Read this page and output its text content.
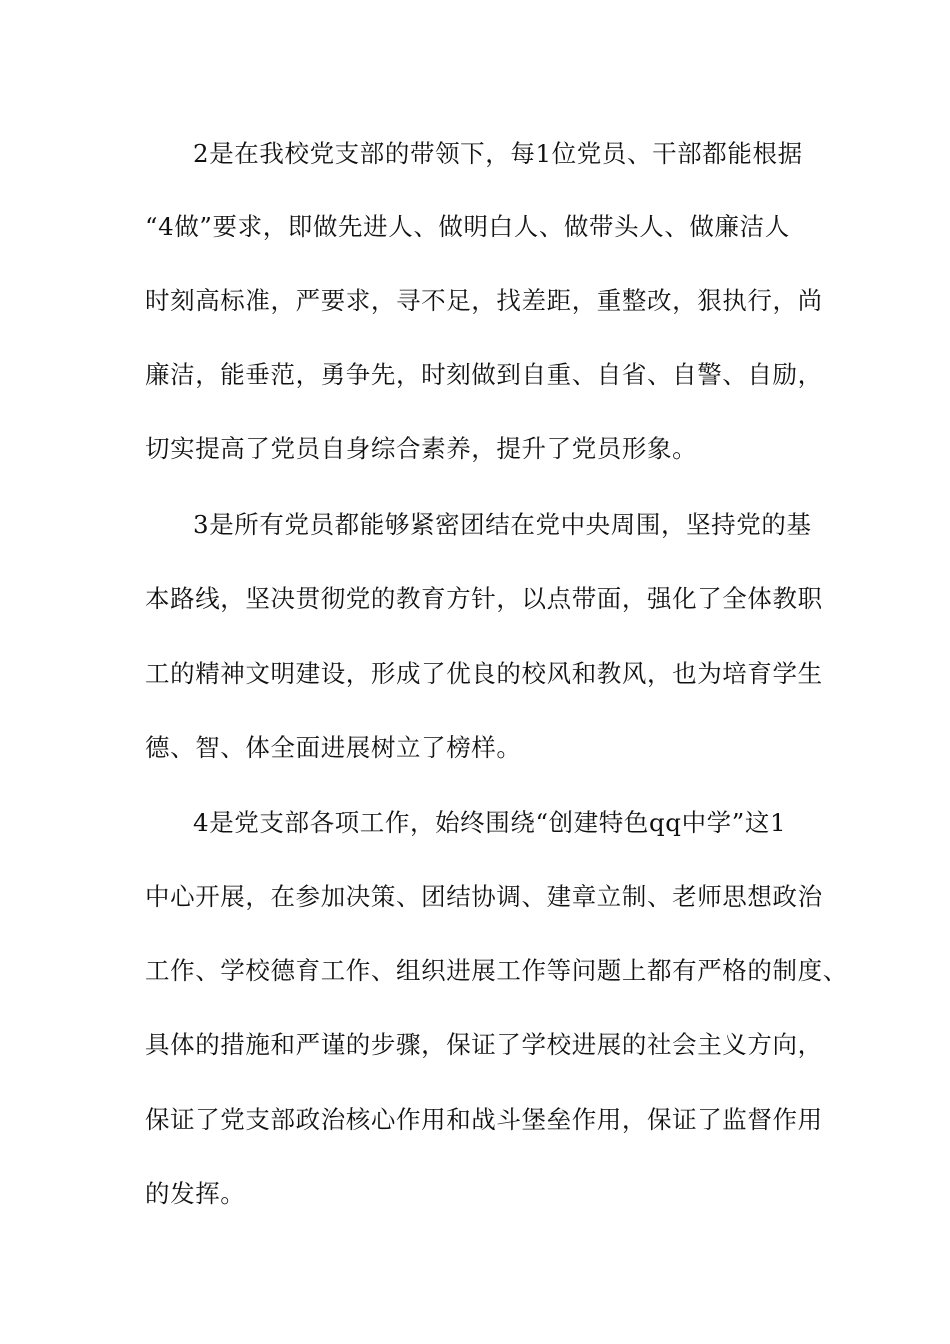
2是在我校党支部的带领下，每1位党员、干部都能根据
“4做”要求，即做先进人、做明白人、做带头人、做廉洁人
时刻高标准，严要求，寻不足，找差距，重整改，狠执行，尚
廉洁，能垂范，勇争先，时刻做到自重、自省、自警、自励，
切实提高了党员自身综合素养，提升了党员形象。
3是所有党员都能够紧密团结在党中央周围，坚持党的基
本路线，坚决贯彻党的教育方针，以点带面，强化了全体教职
工的精神文明建设，形成了优良的校风和教风，也为培育学生
德、智、体全面进展树立了榜样。
4是党支部各项工作，始终围绕“创建特色qq中学”这1
中心开展，在参加决策、团结协调、建章立制、老师思想政治
工作、学校德育工作、组织进展工作等问题上都有严格的制度、
具体的措施和严谨的步骤，保证了学校进展的社会主义方向，
保证了党支部政治核心作用和战斗堡垒作用，保证了监督作用
的发挥。
